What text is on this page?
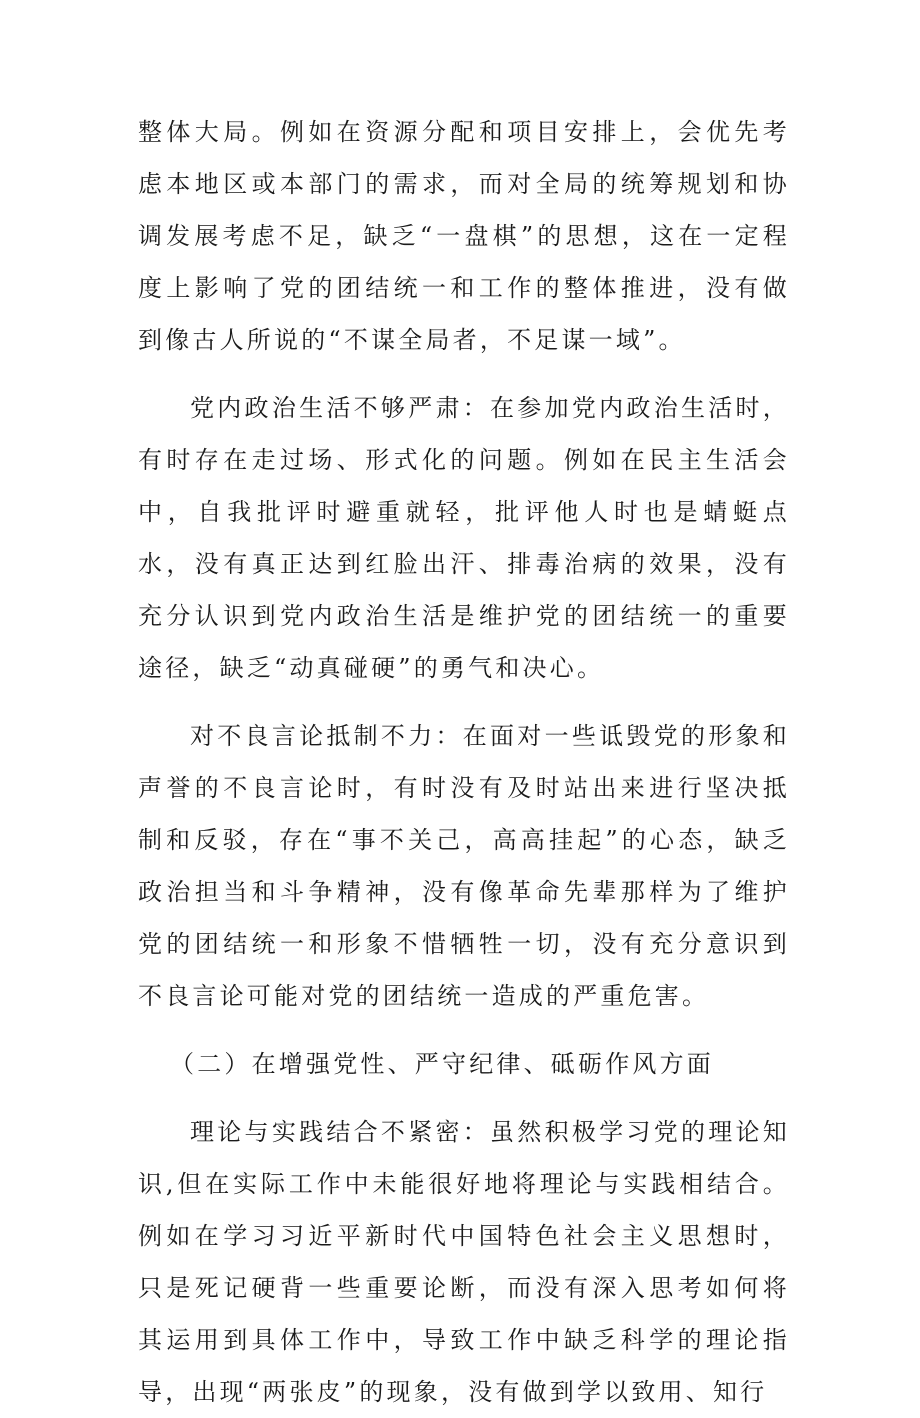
整体大局。例如在资源分配和项目安排上，会优先考虑本地区或本部门的需求，而对全局的统筹规划和协调发展考虑不足，缺乏“一盘棋”的思想，这在一定程度上影响了党的团结统一和工作的整体推进，没有做到像古人所说的“不谋全局者，不足谋一域”。

党内政治生活不够严肃：在参加党内政治生活时，有时存在走过场、形式化的问题。例如在民主生活会中，自我批评时避重就轻，批评他人时也是蜻蜓点水，没有真正达到红脸出汗、排毒治病的效果，没有充分认识到党内政治生活是维护党的团结统一的重要途径，缺乏“动真碰硬”的勇气和决心。

对不良言论抵制不力：在面对一些诋毁党的形象和声誉的不良言论时，有时没有及时站出来进行坚决抵制和反驳，存在“事不关己，高高挂起”的心态，缺乏政治担当和斗争精神，没有像革命先辈那样为了维护党的团结统一和形象不惜牺牲一切，没有充分意识到不良言论可能对党的团结统一造成的严重危害。

（二）在增强党性、严守纪律、砥砺作风方面

理论与实践结合不紧密：虽然积极学习党的理论知识,但在实际工作中未能很好地将理论与实践相结合。例如在学习习近平新时代中国特色社会主义思想时，只是死记硬背一些重要论断，而没有深入思考如何将其运用到具体工作中，导致工作中缺乏科学的理论指导，出现“两张皮”的现象，没有做到学以致用、知行
